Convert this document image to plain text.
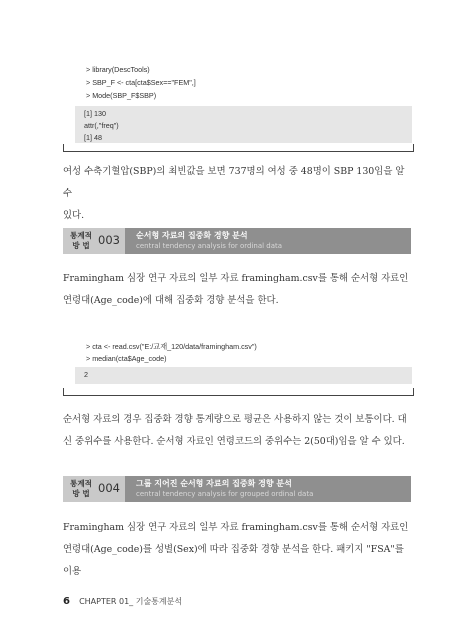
> library(DescTools)
> SBP_F <- cta[cta$Sex=="FEM",]
> Mode(SBP_F$SBP)
[1] 130
attr(,"freq")
[1] 48
여성 수축기혈압(SBP)의 최빈값을 보면 737명의 여성 중 48명이 SBP 130임을 알 수
있다.
통계적
방 법 003 순서형 자료의 집중화 경향 분석
central tendency analysis for ordinal data
Framingham 심장 연구 자료의 일부 자료 framingham.csv를 통해 순서형 자료인
연령대(Age_code)에 대해 집중화 경향 분석을 한다.
> cta <- read.csv("E:/교재_120/data/framingham.csv")
> median(cta$Age_code)
2
순서형 자료의 경우 집중화 경향 통계량으로 평균은 사용하지 않는 것이 보통이다. 대
신 중위수를 사용한다. 순서형 자료인 연령코드의 중위수는 2(50대)임을 알 수 있다.
통계적
방 법 004 그룹 지어진 순서형 자료의 집중화 경향 분석
central tendency analysis for grouped ordinal data
Framingham 심장 연구 자료의 일부 자료 framingham.csv를 통해 순서형 자료인
연령대(Age_code)를 성별(Sex)에 따라 집중화 경향 분석을 한다. 패키지 "FSA"를 이용
6 CHAPTER 01_ 기술통계분석
